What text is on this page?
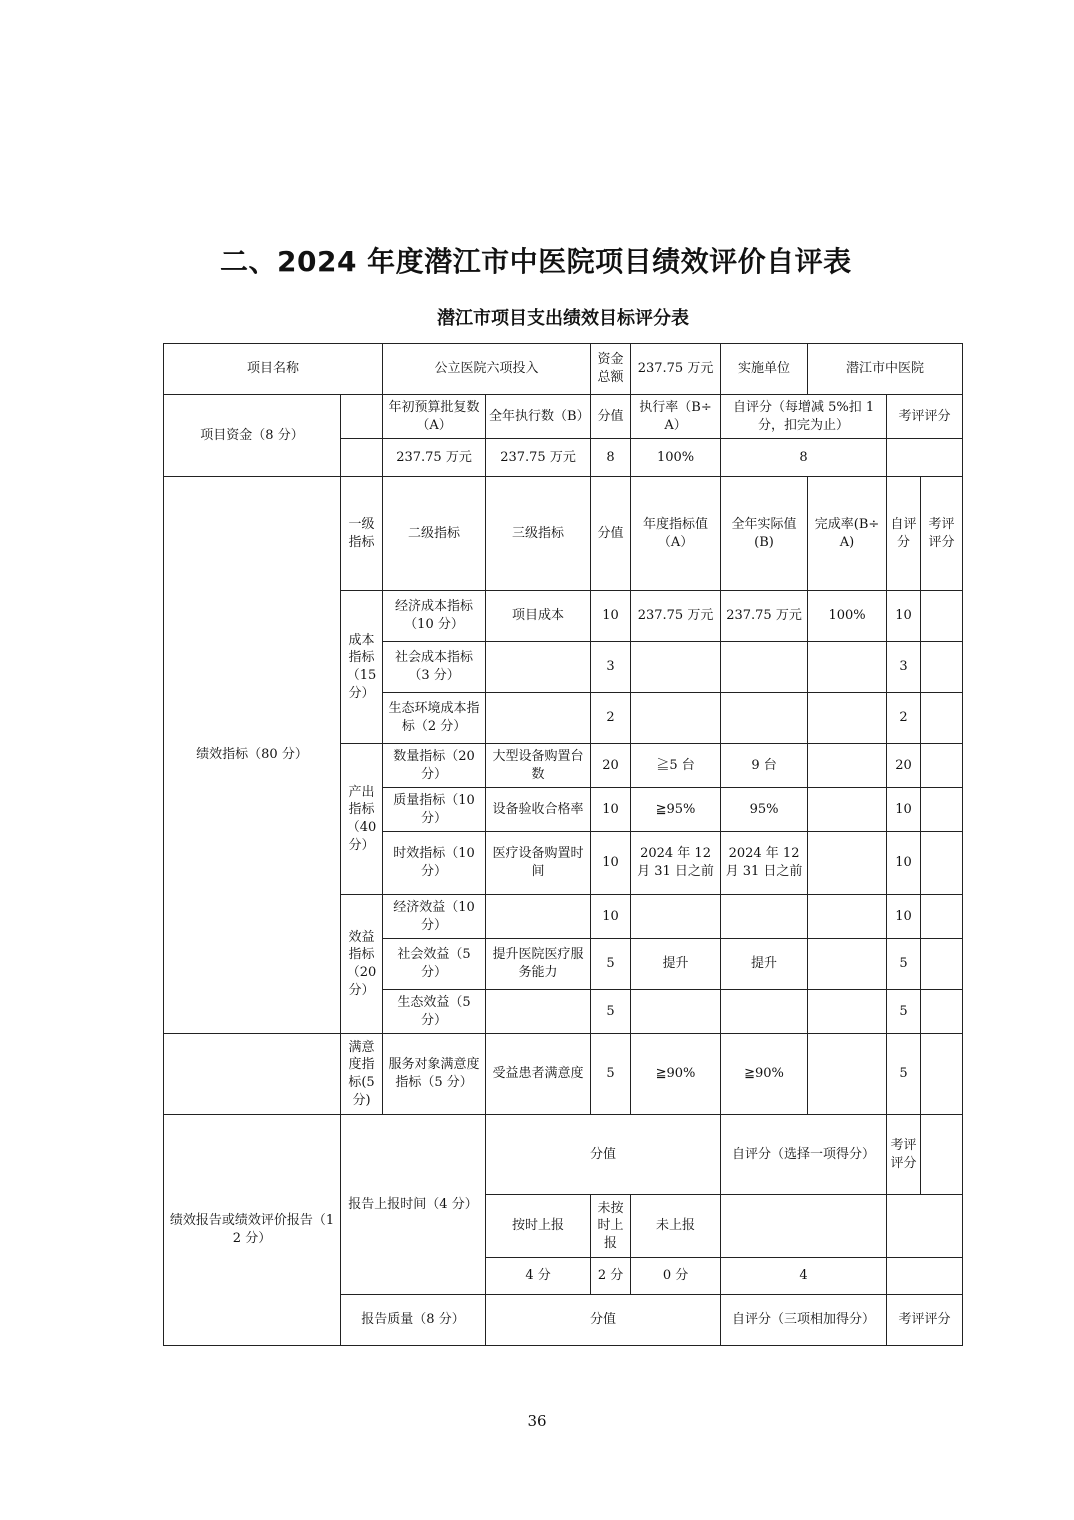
二、2024 年度潜江市中医院项目绩效评价自评表
潜江市项目支出绩效目标评分表
项目名称		公立医院六项投入		资金总额	237.75 万元	实施单位	潜江市中医院		
项目资金（8 分）		年初预算批复数（A）	全年执行数（B）	分值	执行率（B÷A）	自评分（每增减 5%扣 1 分，扣完为止）		考评评分	
		237.75 万元	237.75 万元	8	100%	8			
绩效指标（80 分）	一级指标	二级指标	三级指标	分值	年度指标值（A）	全年实际值(B)	完成率(B÷A)	自评分	考评评分
	成本指标（15 分）	经济成本指标（10 分）	项目成本	10	237.75 万元	237.75 万元	100%	10	
		社会成本指标（3 分）		3				3	
		生态环境成本指标（2 分）		2				2	
	产出指标（40 分）	数量指标（20 分）	大型设备购置台数	20	≧5 台	9 台		20	
		质量指标（10 分）	设备验收合格率	10	≧95%	95%		10	
		时效指标（10 分）	医疗设备购置时间	10	2024 年 12 月 31 日之前	2024 年 12 月 31 日之前		10	
	效益指标（20 分）	经济效益（10 分）		10				10	
		社会效益（5 分）	提升医院医疗服务能力	5	提升	提升		5	
		生态效益（5 分）		5				5	
	满意度指标(5 分)	服务对象满意度指标（5 分）	受益患者满意度	5	≧90%	≧90%		5	
绩效报告或绩效评价报告（12 分）	报告上报时间（4 分）		分值			自评分（选择一项得分）		考评评分	
			按时上报	未按时上报	未上报				
			4 分	2 分	0 分	4			
	报告质量（8 分）		分值			自评分（三项相加得分）		考评评分	
36
